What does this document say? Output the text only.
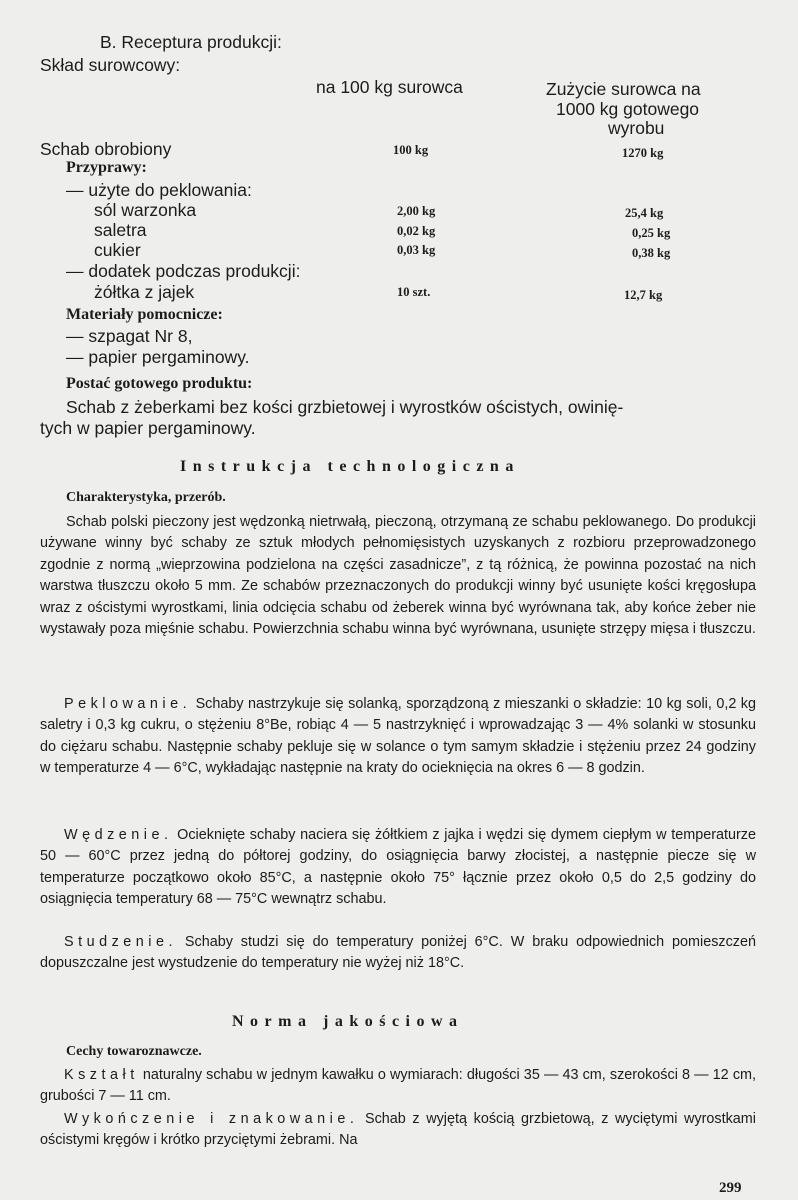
B. Receptura produkcji:
Skład surowcowy:
na 100 kg surowca	Zużycie surowca na
1000 kg gotowego
wyrobu
Schab obrobiony	100 kg	1270 kg
Przyprawy:
— użyte do peklowania:
sól warzonka	2,00 kg	25,4 kg
saletra	0,02 kg	0,25 kg
cukier	0,03 kg	0,38 kg
— dodatek podczas produkcji:
żółtka z jajek	10 szt.	12,7 kg
Materiały pomocnicze:
— szpagat Nr 8,
— papier pergaminowy.
Postać gotowego produktu:
Schab z żeberkami bez kości grzbietowej i wyrostków ościstych, owinię-
tych w papier pergaminowy.
Instrukcja technologiczna
Charakterystyka, przerób.
Schab polski pieczony jest wędzonką nietrwałą, pieczoną, otrzymaną ze schabu peklowanego. Do produkcji używane winny być schaby ze sztuk młodych pełnomięsistych uzyskanych z rozbioru przeprowadzonego zgodnie z normą „wieprzowina podzielona na części zasadnicze”, z tą różnicą, że powinna pozostać na nich warstwa tłuszczu około 5 mm. Ze schabów przeznaczonych do produkcji winny być usunięte kości kręgosłupa wraz z ościstymi wyrostkami, linia odcięcia schabu od żeberek winna być wyrównana tak, aby końce żeber nie wystawały poza mięśnie schabu. Powierzchnia schabu winna być wyrównana, usunięte strzępy mięsa i tłuszczu.
Peklowanie. Schaby nastrzykuje się solanką, sporządzoną z mieszanki o składzie: 10 kg soli, 0,2 kg saletry i 0,3 kg cukru, o stężeniu 8°Be, robiąc 4 — 5 nastrzyknięć i wprowadzając 3 — 4% solanki w stosunku do ciężaru schabu. Następnie schaby pekluje się w solance o tym samym składzie i stężeniu przez 24 godziny w temperaturze 4 — 6°C, wykładając następnie na kraty do ocieknięcia na okres 6 — 8 godzin.
Wędzenie. Ocieknięte schaby naciera się żółtkiem z jajka i wędzi się dymem ciepłym w temperaturze 50 — 60°C przez jedną do półtorej godziny, do osiągnięcia barwy złocistej, a następnie piecze się w temperaturze początkowo około 85°C, a następnie około 75° łącznie przez około 0,5 do 2,5 godziny do osiągnięcia temperatury 68 — 75°C wewnątrz schabu.
Studzenie. Schaby studzi się do temperatury poniżej 6°C. W braku odpowiednich pomieszczeń dopuszczalne jest wystudzenie do temperatury nie wyżej niż 18°C.
Norma jakościowa
Cechy towaroznawcze.
Kształt naturalny schabu w jednym kawałku o wymiarach: długości 35 — 43 cm, szerokości 8 — 12 cm, grubości 7 — 11 cm.
Wykończenie i znakowanie. Schab z wyjętą kością grzbietową, z wyciętymi wyrostkami ościstymi kręgów i krótko przyciętymi żebrami. Na
299
